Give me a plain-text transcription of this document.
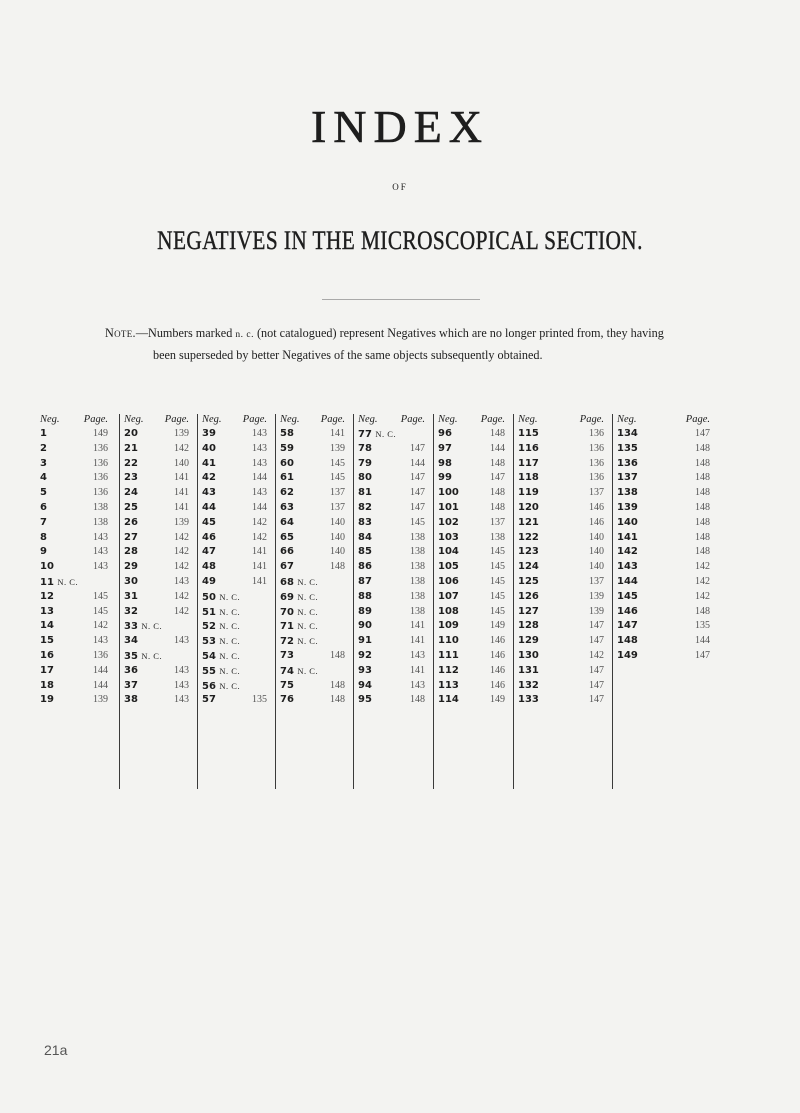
INDEX
OF
NEGATIVES IN THE MICROSCOPICAL SECTION.
Note.—Numbers marked n. c. (not catalogued) represent Negatives which are no longer printed from, they having
been superseded by better Negatives of the same objects subsequently obtained.
Neg. Page.
1	149
2	136
3	136
4	136
5	136
6	138
7	138
8	143
9	143
10	143
11 N. C.
12	145
13	145
14	142
15	143
16	136
17	144
18	144
19	139
Neg. Page.
20	139
21	142
22	140
23	141
24	141
25	141
26	139
27	142
28	142
29	142
30	143
31	142
32	142
33 N. C.
34	143
35 N. C.
36	143
37	143
38	143
Neg. Page.
39	143
40	143
41	143
42	144
43	143
44	144
45	142
46	142
47	141
48	141
49	141
50 N. C.
51 N. C.
52 N. C.
53 N. C.
54 N. C.
55 N. C.
56 N. C.
57	135
Neg. Page.
58	141
59	139
60	145
61	145
62	137
63	137
64	140
65	140
66	140
67	148
68 N. C.
69 N. C.
70 N. C.
71 N. C.
72 N. C.
73	148
74 N. C.
75	148
76	148
Neg. Page.
77 N. C.
78	147
79	144
80	147
81	147
82	147
83	145
84	138
85	138
86	138
87	138
88	138
89	138
90	141
91	141
92	143
93	141
94	143
95	148
Neg. Page.
96	148
97	144
98	148
99	147
100	148
101	148
102	137
103	138
104	145
105	145
106	145
107	145
108	145
109	149
110	146
111	146
112	146
113	146
114	149
Neg.	Page.
115	136
116	136
117	136
118	136
119	137
120	146
121	146
122	140
123	140
124	140
125	137
126	139
127	139
128	147
129	147
130	142
131	147
132	147
133	147
Neg.	Page.
134	147
135	148
136	148
137	148
138	148
139	148
140	148
141	148
142	148
143	142
144	142
145	142
146	148
147	135
148	144
149	147
21a
